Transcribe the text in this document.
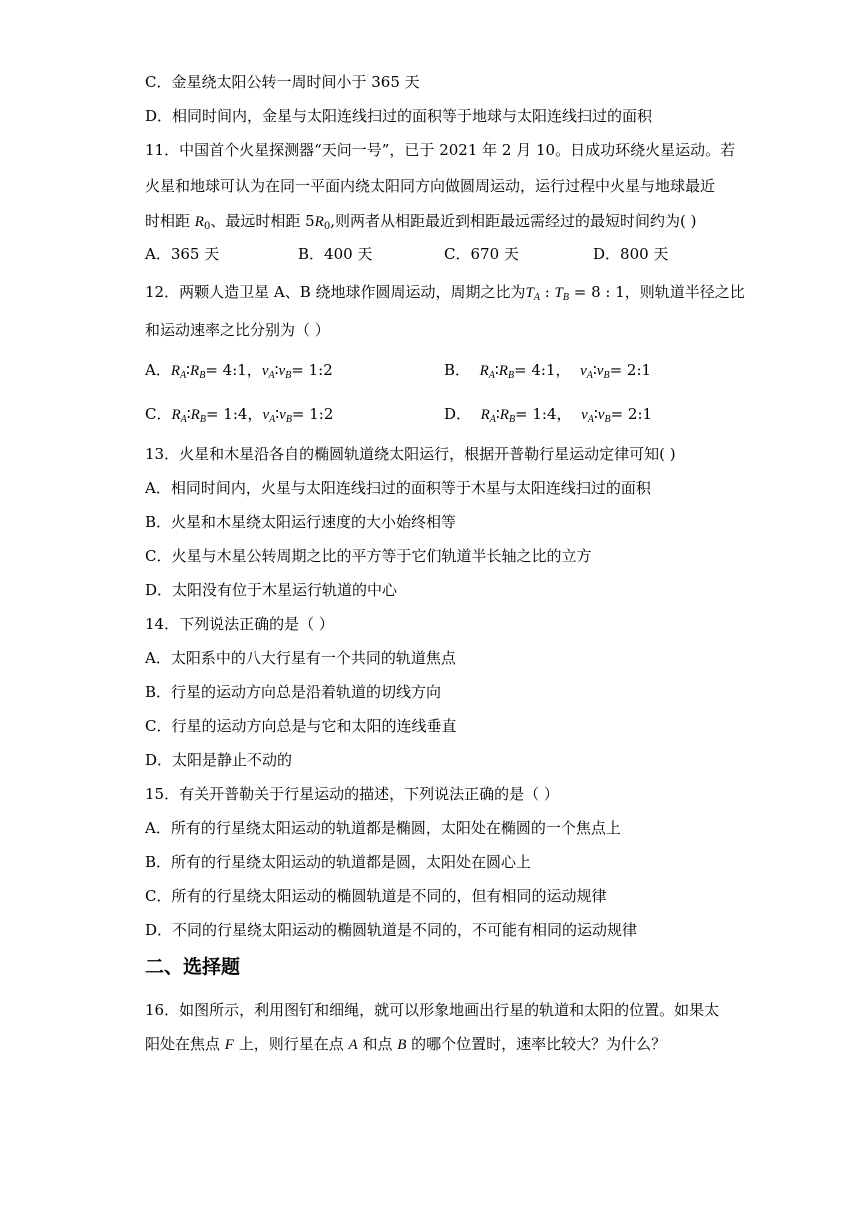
C．金星绕太阳公转一周时间小于 365 天
D．相同时间内，金星与太阳连线扫过的面积等于地球与太阳连线扫过的面积
11．中国首个火星探测器“天问一号”，已于 2021 年 2 月 10。日成功环绕火星运动。若
火星和地球可认为在同一平面内绕太阳同方向做圆周运动，运行过程中火星与地球最近
时相距 $R_0$、最远时相距 $5R_0$,则两者从相距最近到相距最远需经过的最短时间约为( )
A．365 天	B．400 天	C．670 天	D．800 天
12．两颗人造卫星 A、B 绕地球作圆周运动，周期之比为$T_A$ : $T_B = 8$ : 1，则轨道半径之比
和运动速率之比分别为（ ）
A．$R_A∶R_B=$ 4:1，$v_A∶v_B=$ 1:2	B． $R_A∶R_B=$ 4:1， $v_A∶v_B=$ 2:1
C．$R_A∶R_B=$ 1:4，$v_A∶v_B=$ 1:2	D． $R_A∶R_B=$ 1:4， $v_A∶v_B=$ 2:1
13．火星和木星沿各自的椭圆轨道绕太阳运行，根据开普勒行星运动定律可知( )
A．相同时间内，火星与太阳连线扫过的面积等于木星与太阳连线扫过的面积
B．火星和木星绕太阳运行速度的大小始终相等
C．火星与木星公转周期之比的平方等于它们轨道半长轴之比的立方
D．太阳没有位于木星运行轨道的中心
14．下列说法正确的是（ ）
A．太阳系中的八大行星有一个共同的轨道焦点
B．行星的运动方向总是沿着轨道的切线方向
C．行星的运动方向总是与它和太阳的连线垂直
D．太阳是静止不动的
15．有关开普勒关于行星运动的描述，下列说法正确的是（ ）
A．所有的行星绕太阳运动的轨道都是椭圆，太阳处在椭圆的一个焦点上
B．所有的行星绕太阳运动的轨道都是圆，太阳处在圆心上
C．所有的行星绕太阳运动的椭圆轨道是不同的，但有相同的运动规律
D．不同的行星绕太阳运动的椭圆轨道是不同的，不可能有相同的运动规律
二、选择题
16．如图所示，利用图钉和细绳，就可以形象地画出行星的轨道和太阳的位置。如果太
阳处在焦点 F 上，则行星在点 A 和点 B 的哪个位置时，速率比较大？为什么？
